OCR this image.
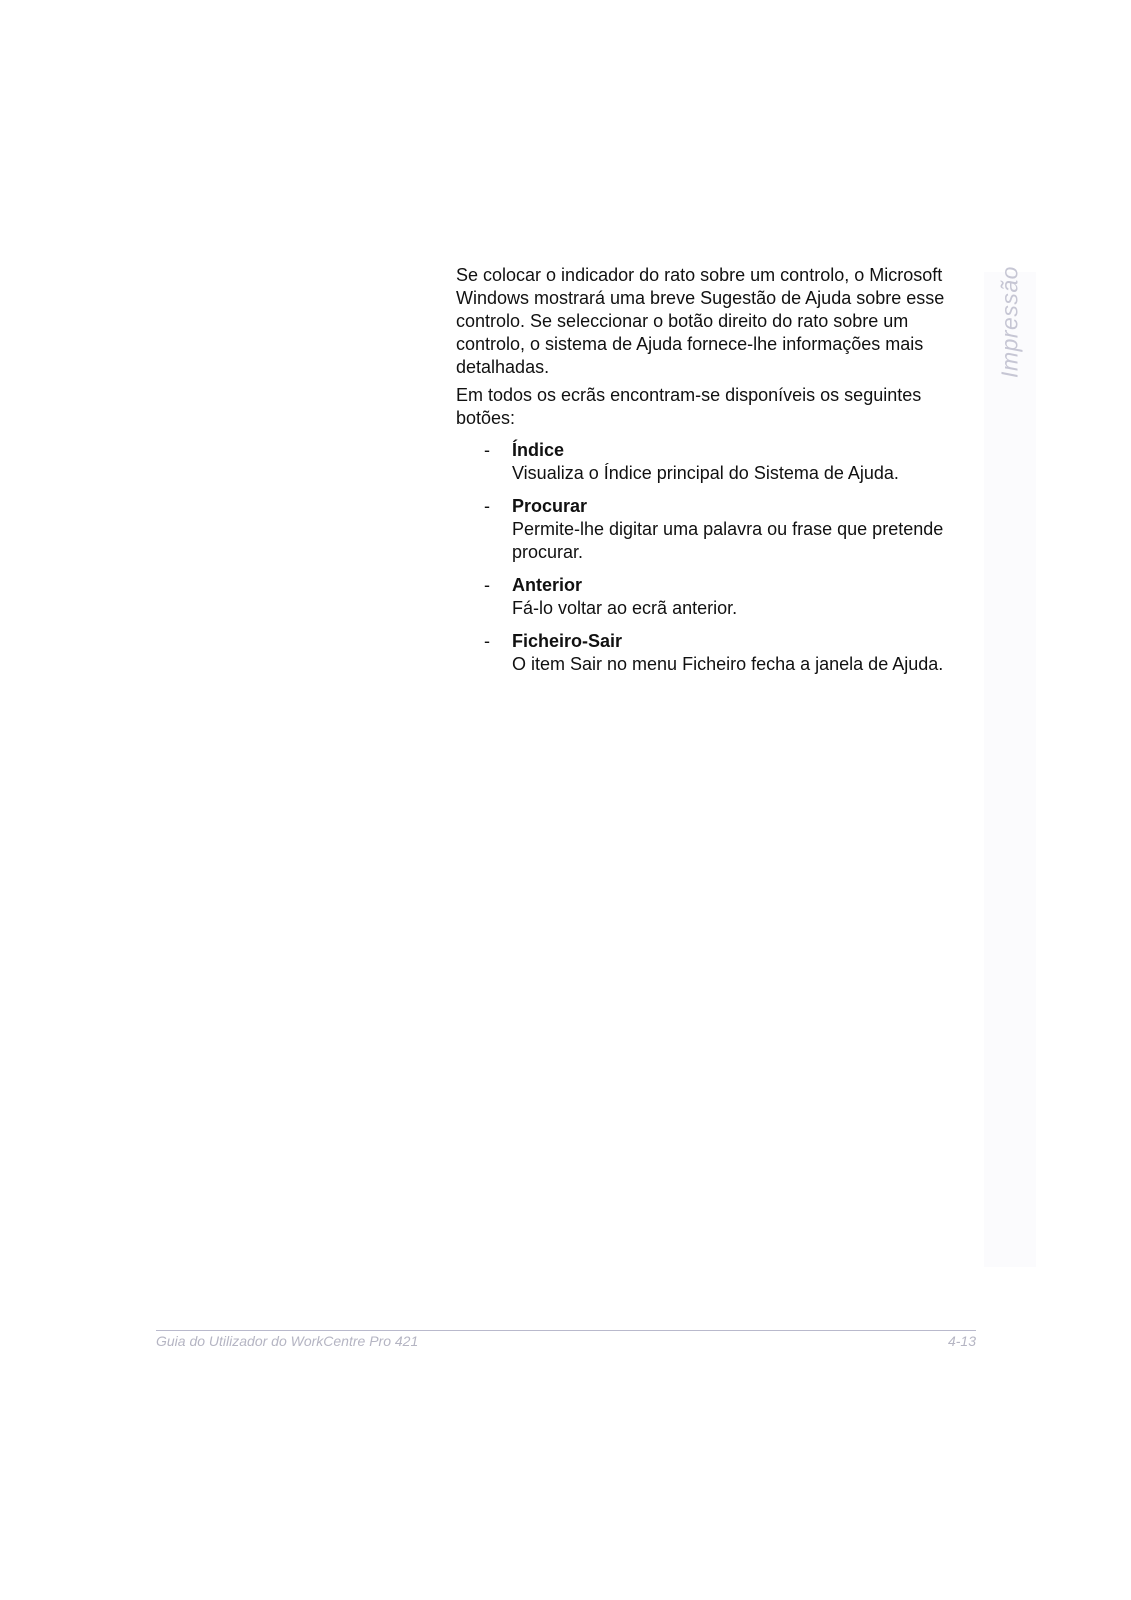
Impressão

Se colocar o indicador do rato sobre um controlo, o Microsoft Windows mostrará uma breve Sugestão de Ajuda sobre esse controlo. Se seleccionar o botão direito do rato sobre um controlo, o sistema de Ajuda fornece-lhe informações mais detalhadas.

Em todos os ecrãs encontram-se disponíveis os seguintes botões:

- Índice
Visualiza o Índice principal do Sistema de Ajuda.
- Procurar
Permite-lhe digitar uma palavra ou frase que pretende procurar.
- Anterior
Fá-lo voltar ao ecrã anterior.
- Ficheiro-Sair
O item Sair no menu Ficheiro fecha a janela de Ajuda.
Guia do Utilizador do WorkCentre Pro 421	4-13
